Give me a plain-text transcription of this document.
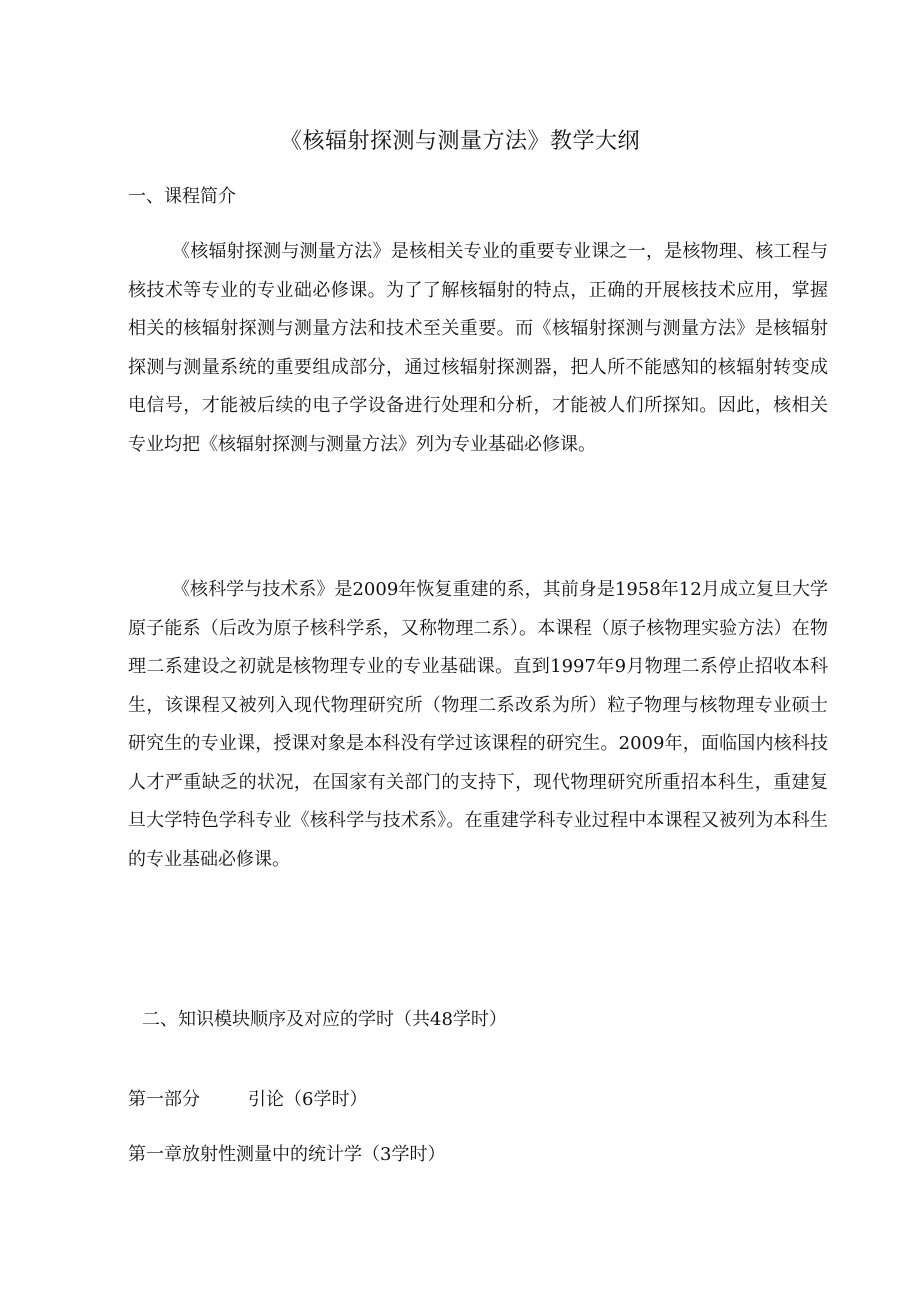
《核辐射探测与测量方法》教学大纲
一、课程简介
《核辐射探测与测量方法》是核相关专业的重要专业课之一，是核物理、核工程与核技术等专业的专业础必修课。为了了解核辐射的特点，正确的开展核技术应用，掌握相关的核辐射探测与测量方法和技术至关重要。而《核辐射探测与测量方法》是核辐射探测与测量系统的重要组成部分，通过核辐射探测器，把人所不能感知的核辐射转变成电信号，才能被后续的电子学设备进行处理和分析，才能被人们所探知。因此，核相关专业均把《核辐射探测与测量方法》列为专业基础必修课。
《核科学与技术系》是2009年恢复重建的系，其前身是1958年12月成立复旦大学原子能系（后改为原子核科学系，又称物理二系）。本课程（原子核物理实验方法）在物理二系建设之初就是核物理专业的专业基础课。直到1997年9月物理二系停止招收本科生，该课程又被列入现代物理研究所（物理二系改系为所）粒子物理与核物理专业硕士研究生的专业课，授课对象是本科没有学过该课程的研究生。2009年，面临国内核科技人才严重缺乏的状况，在国家有关部门的支持下，现代物理研究所重招本科生，重建复旦大学特色学科专业《核科学与技术系》。在重建学科专业过程中本课程又被列为本科生的专业基础必修课。
二、知识模块顺序及对应的学时（共48学时）
第一部分	引论（6学时）
第一章放射性测量中的统计学（3学时）
